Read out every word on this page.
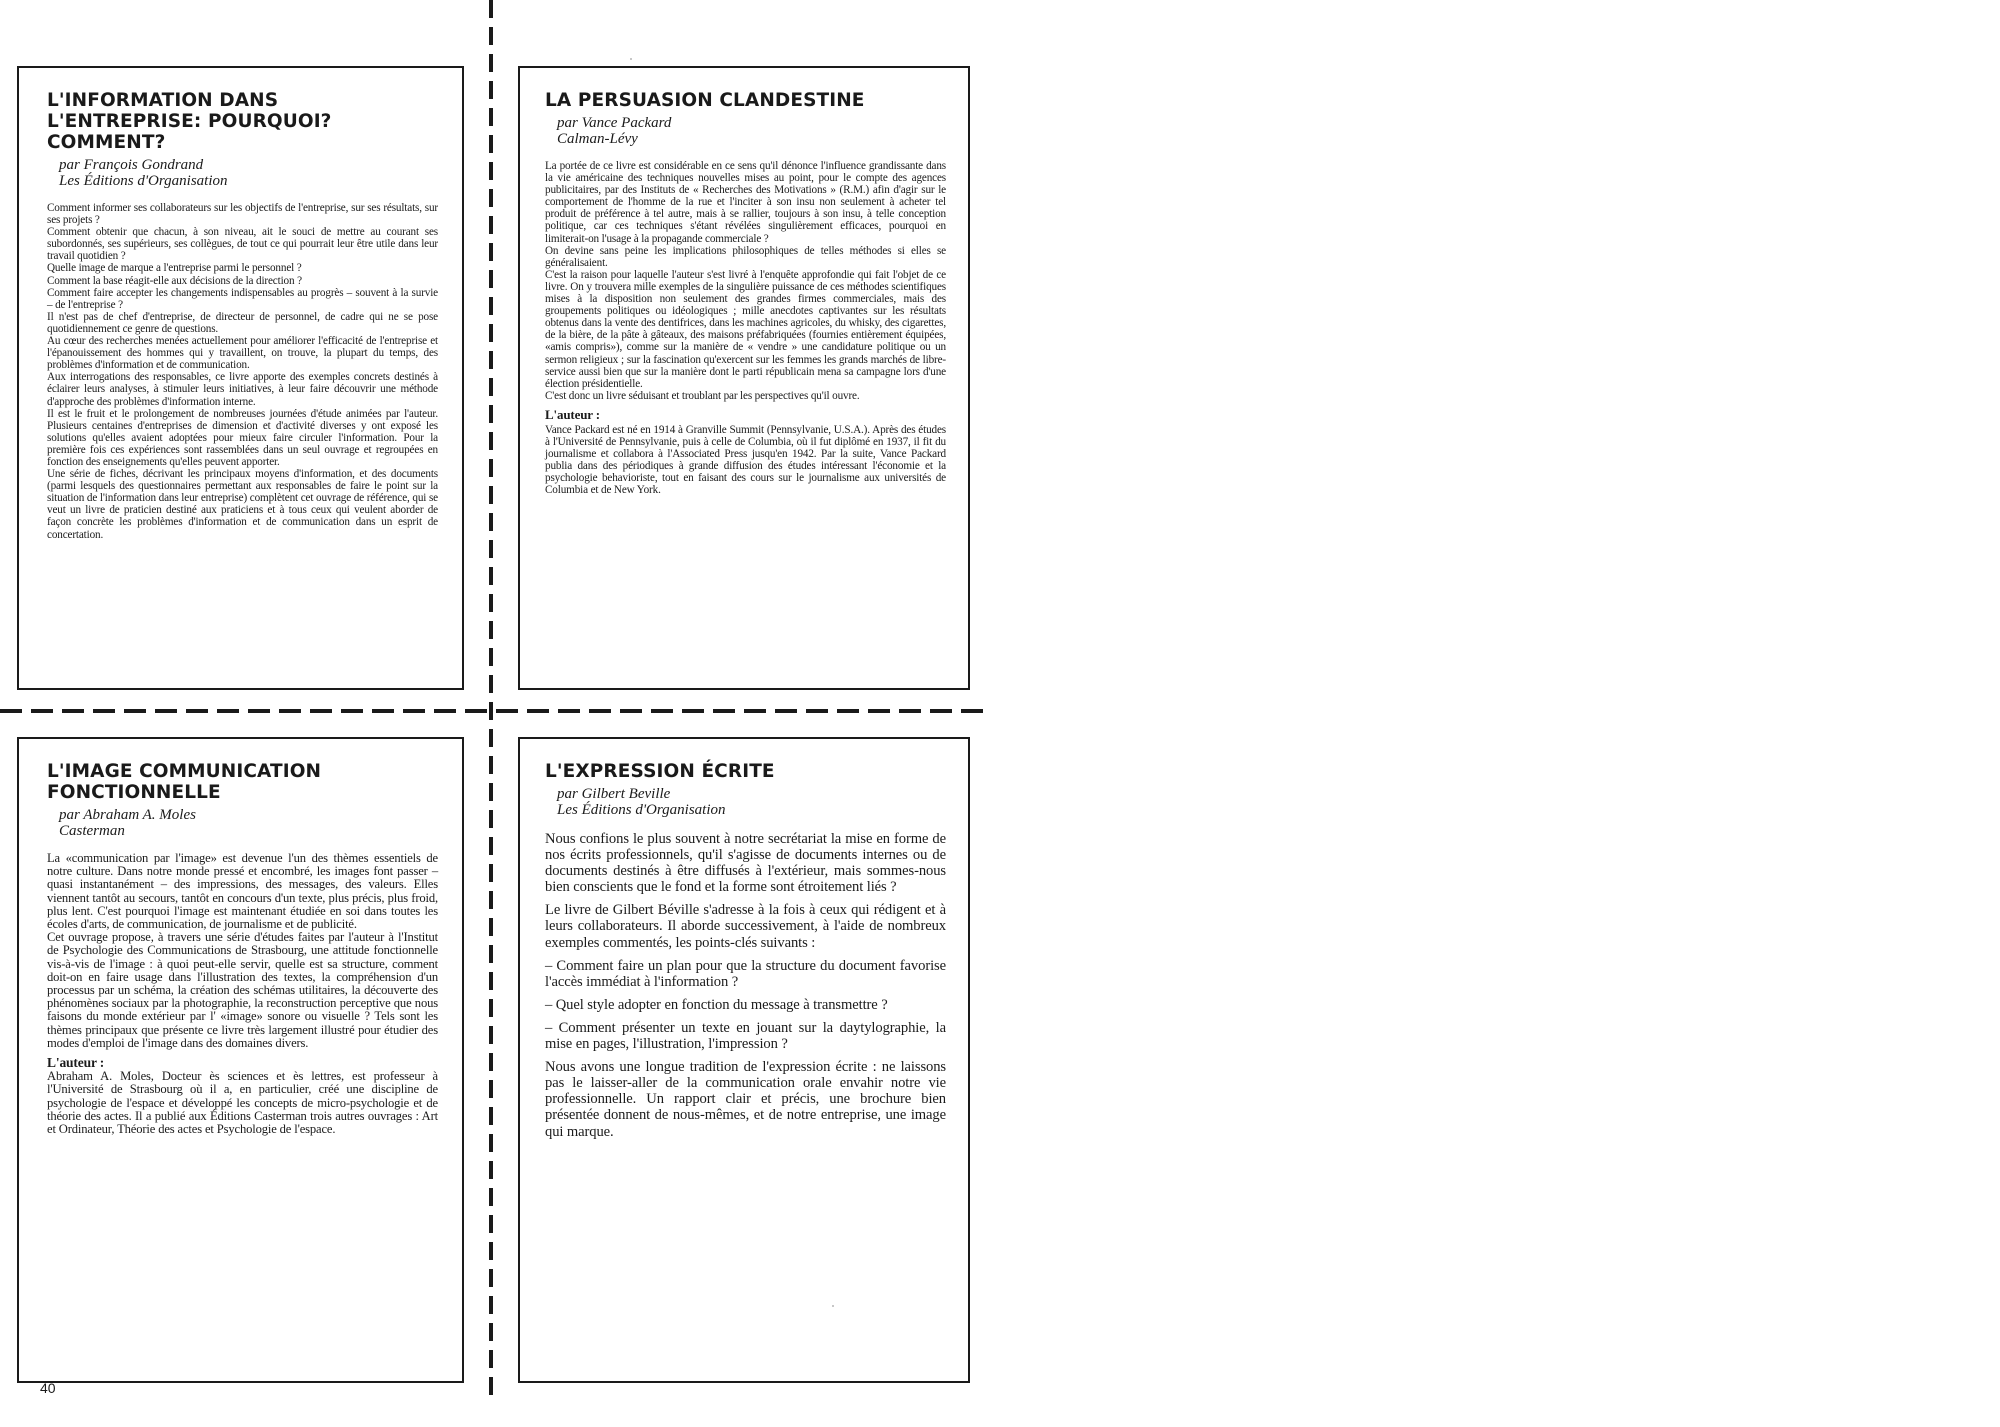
L'INFORMATION DANS L'ENTREPRISE: POURQUOI? COMMENT?
par François Gondrand
Les Éditions d'Organisation

Comment informer ses collaborateurs sur les objectifs de l'entreprise, sur ses résultats, sur ses projets ?

Comment obtenir que chacun, à son niveau, ait le souci de mettre au courant ses subordonnés, ses supérieurs, ses collègues, de tout ce qui pourrait leur être utile dans leur travail quotidien ?

Quelle image de marque a l'entreprise parmi le personnel ?

Comment la base réagit-elle aux décisions de la direction ?

Comment faire accepter les changements indispensables au progrès – souvent à la survie – de l'entreprise ?

Il n'est pas de chef d'entreprise, de directeur de personnel, de cadre qui ne se pose quotidiennement ce genre de questions.

Au cœur des recherches menées actuellement pour améliorer l'efficacité de l'entreprise et l'épanouissement des hommes qui y travaillent, on trouve, la plupart du temps, des problèmes d'information et de communication.

Aux interrogations des responsables, ce livre apporte des exemples concrets destinés à éclairer leurs analyses, à stimuler leurs initiatives, à leur faire découvrir une méthode d'approche des problèmes d'information interne.

Il est le fruit et le prolongement de nombreuses journées d'étude animées par l'auteur. Plusieurs centaines d'entreprises de dimension et d'activité diverses y ont exposé les solutions qu'elles avaient adoptées pour mieux faire circuler l'information. Pour la première fois ces expériences sont rassemblées dans un seul ouvrage et regroupées en fonction des enseignements qu'elles peuvent apporter.

Une série de fiches, décrivant les principaux moyens d'information, et des documents (parmi lesquels des questionnaires permettant aux responsables de faire le point sur la situation de l'information dans leur entreprise) complètent cet ouvrage de référence, qui se veut un livre de praticien destiné aux praticiens et à tous ceux qui veulent aborder de façon concrète les problèmes d'information et de communication dans un esprit de concertation.

LA PERSUASION CLANDESTINE
par Vance Packard
Calman-Lévy

La portée de ce livre est considérable en ce sens qu'il dénonce l'influence grandissante dans la vie américaine des techniques nouvelles mises au point, pour le compte des agences publicitaires, par des Instituts de « Recherches des Motivations » (R.M.) afin d'agir sur le comportement de l'homme de la rue et l'inciter à son insu non seulement à acheter tel produit de préférence à tel autre, mais à se rallier, toujours à son insu, à telle conception politique, car ces techniques s'étant révélées singulièrement efficaces, pourquoi en limiterait-on l'usage à la propagande commerciale ?

On devine sans peine les implications philosophiques de telles méthodes si elles se généralisaient.

C'est la raison pour laquelle l'auteur s'est livré à l'enquête approfondie qui fait l'objet de ce livre. On y trouvera mille exemples de la singulière puissance de ces méthodes scientifiques mises à la disposition non seulement des grandes firmes commerciales, mais des groupements politiques ou idéologiques ; mille anecdotes captivantes sur les résultats obtenus dans la vente des dentifrices, dans les machines agricoles, du whisky, des cigarettes, de la bière, de la pâte à gâteaux, des maisons préfabriquées (fournies entièrement équipées, «amis compris»), comme sur la manière de « vendre » une candidature politique ou un sermon religieux ; sur la fascination qu'exercent sur les femmes les grands marchés de libre-service aussi bien que sur la manière dont le parti républicain mena sa campagne lors d'une élection présidentielle.

C'est donc un livre séduisant et troublant par les perspectives qu'il ouvre.

L'auteur :

Vance Packard est né en 1914 à Granville Summit (Pennsylvanie, U.S.A.). Après des études à l'Université de Pennsylvanie, puis à celle de Columbia, où il fut diplômé en 1937, il fit du journalisme et collabora à l'Associated Press jusqu'en 1942. Par la suite, Vance Packard publia dans des périodiques à grande diffusion des études intéressant l'économie et la psychologie behavioriste, tout en faisant des cours sur le journalisme aux universités de Columbia et de New York.

L'IMAGE COMMUNICATION FONCTIONNELLE
par Abraham A. Moles
Casterman

La «communication par l'image» est devenue l'un des thèmes essentiels de notre culture. Dans notre monde pressé et encombré, les images font passer – quasi instantanément – des impressions, des messages, des valeurs. Elles viennent tantôt au secours, tantôt en concours d'un texte, plus précis, plus froid, plus lent. C'est pourquoi l'image est maintenant étudiée en soi dans toutes les écoles d'arts, de communication, de journalisme et de publicité.

Cet ouvrage propose, à travers une série d'études faites par l'auteur à l'Institut de Psychologie des Communications de Strasbourg, une attitude fonctionnelle vis-à-vis de l'image : à quoi peut-elle servir, quelle est sa structure, comment doit-on en faire usage dans l'illustration des textes, la compréhension d'un processus par un schéma, la création des schémas utilitaires, la découverte des phénomènes sociaux par la photographie, la reconstruction perceptive que nous faisons du monde extérieur par l' «image» sonore ou visuelle ? Tels sont les thèmes principaux que présente ce livre très largement illustré pour étudier des modes d'emploi de l'image dans des domaines divers.

L'auteur :

Abraham A. Moles, Docteur ès sciences et ès lettres, est professeur à l'Université de Strasbourg où il a, en particulier, créé une discipline de psychologie de l'espace et développé les concepts de micro-psychologie et de théorie des actes. Il a publié aux Éditions Casterman trois autres ouvrages : Art et Ordinateur, Théorie des actes et Psychologie de l'espace.

L'EXPRESSION ÉCRITE
par Gilbert Beville
Les Éditions d'Organisation

Nous confions le plus souvent à notre secrétariat la mise en forme de nos écrits professionnels, qu'il s'agisse de documents internes ou de documents destinés à être diffusés à l'extérieur, mais sommes-nous bien conscients que le fond et la forme sont étroitement liés ?

Le livre de Gilbert Béville s'adresse à la fois à ceux qui rédigent et à leurs collaborateurs. Il aborde successivement, à l'aide de nombreux exemples commentés, les points-clés suivants :

– Comment faire un plan pour que la structure du document favorise l'accès immédiat à l'information ?

– Quel style adopter en fonction du message à transmettre ?

– Comment présenter un texte en jouant sur la daytylographie, la mise en pages, l'illustration, l'impression ?

Nous avons une longue tradition de l'expression écrite : ne laissons pas le laisser-aller de la communication orale envahir notre vie professionnelle. Un rapport clair et précis, une brochure bien présentée donnent de nous-mêmes, et de notre entreprise, une image qui marque.

40
